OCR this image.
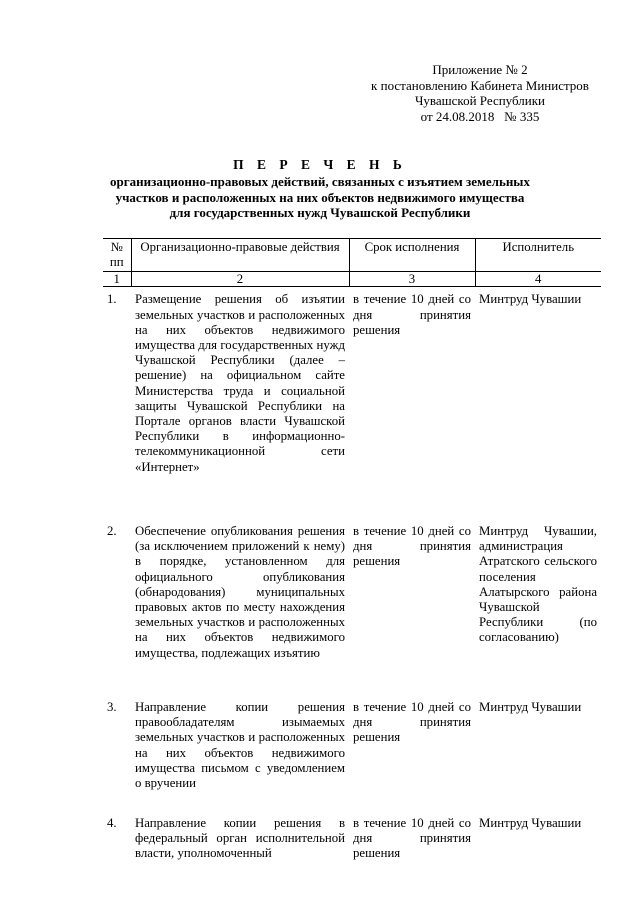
Приложение № 2
к постановлению Кабинета Министров
Чувашской Республики
от 24.08.2018   № 335
П Е Р Е Ч Е Н Ь
организационно-правовых действий, связанных с изъятием земельных
участков и расположенных на них объектов недвижимого имущества
для государственных нужд Чувашской Республики
№ пп	Организационно-правовые действия	Срок исполнения	Исполнитель
1	2	3	4
1.	Размещение решения об изъятии земельных участков и расположенных на них объектов недвижимого имущества для государственных нужд Чувашской Республики (далее – решение) на официальном сайте Министерства труда и социальной защиты Чувашской Республики на Портале органов власти Чувашской Республики в информационно-телекоммуникационной сети «Интернет»	в течение 10 дней со дня принятия решения	Минтруд Чувашии
2.	Обеспечение опубликования решения (за исключением приложений к нему) в порядке, установленном для официального опубликования (обнародования) муниципальных правовых актов по месту нахождения земельных участков и расположенных на них объектов недвижимого имущества, подлежащих изъятию	в течение 10 дней со дня принятия решения	Минтруд Чувашии, администрация Атратского сельского поселения Алатырского района Чувашской Республики (по согласованию)
3.	Направление копии решения правообладателям изымаемых земельных участков и расположенных на них объектов недвижимого имущества письмом с уведомлением о вручении	в течение 10 дней со дня принятия решения	Минтруд Чувашии
4.	Направление копии решения в федеральный орган исполнительной власти, уполномоченный	в течение 10 дней со дня принятия решения	Минтруд Чувашии
